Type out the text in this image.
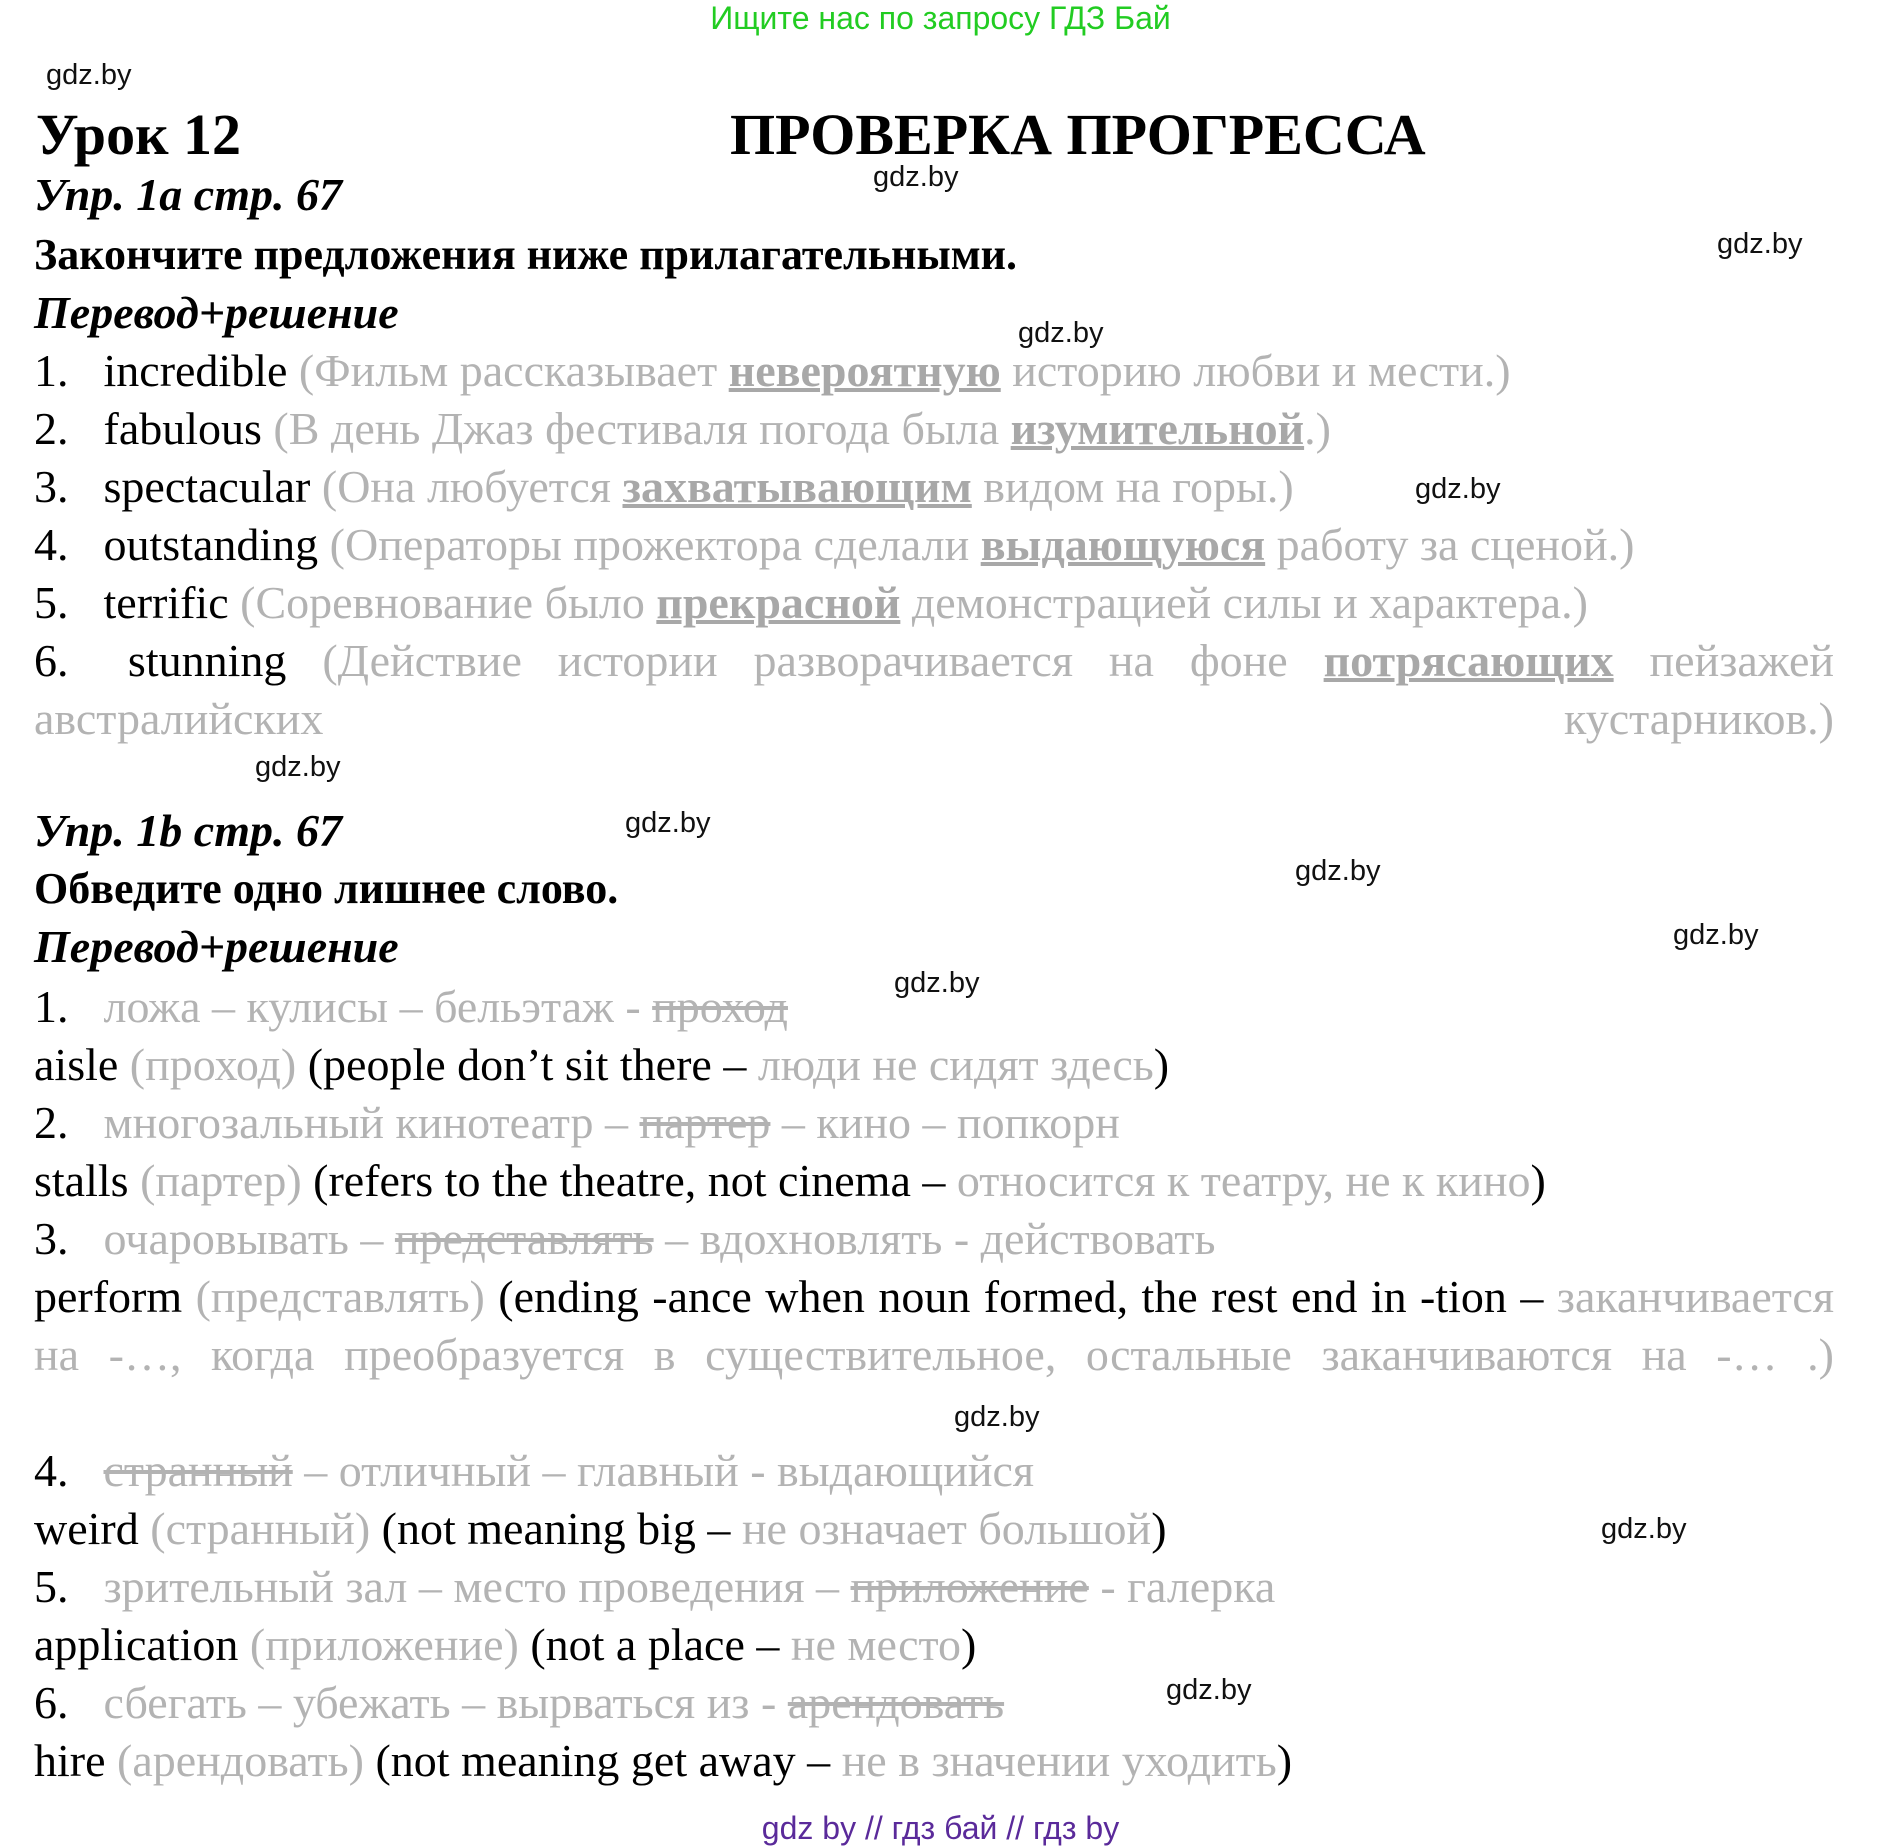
Ищите нас по запросу ГДЗ Бай
gdz.by
gdz.by
gdz.by
gdz.by
gdz.by
gdz.by
gdz.by
gdz.by
gdz.by
gdz.by
gdz.by
gdz.by
gdz.by
Урок 12	ПРОВЕРКА ПРОГРЕССА
Упр. 1a стр. 67
Закончите предложения ниже прилагательными.
Перевод+решение
1. incredible (Фильм рассказывает невероятную историю любви и мести.)
2. fabulous (В день Джаз фестиваля погода была изумительной.)
3. spectacular (Она любуется захватывающим видом на горы.)
4. outstanding (Операторы прожектора сделали выдающуюся работу за сценой.)
5. terrific (Соревнование было прекрасной демонстрацией силы и характера.)
6. stunning (Действие истории разворачивается на фоне потрясающих пейзажей австралийских кустарников.)
Упр. 1b стр. 67
Обведите одно лишнее слово.
Перевод+решение
1. ложа – кулисы – бельэтаж - проход
aisle (проход) (people don’t sit there – люди не сидят здесь)
2. многозальный кинотеатр – партер – кино – попкорн
stalls (партер) (refers to the theatre, not cinema – относится к театру, не к кино)
3. очаровывать – представлять – вдохновлять - действовать
perform (представлять) (ending -ance when noun formed, the rest end in -tion – заканчивается на -…, когда преобразуется в существительное, остальные заканчиваются на -… .)
4. странный – отличный – главный - выдающийся
weird (странный) (not meaning big – не означает большой)
5. зрительный зал – место проведения – приложение - галерка
application (приложение) (not a place – не место)
6. сбегать – убежать – вырваться из - арендовать
hire (арендовать) (not meaning get away – не в значении уходить)
gdz by // гдз бай // гдз by
